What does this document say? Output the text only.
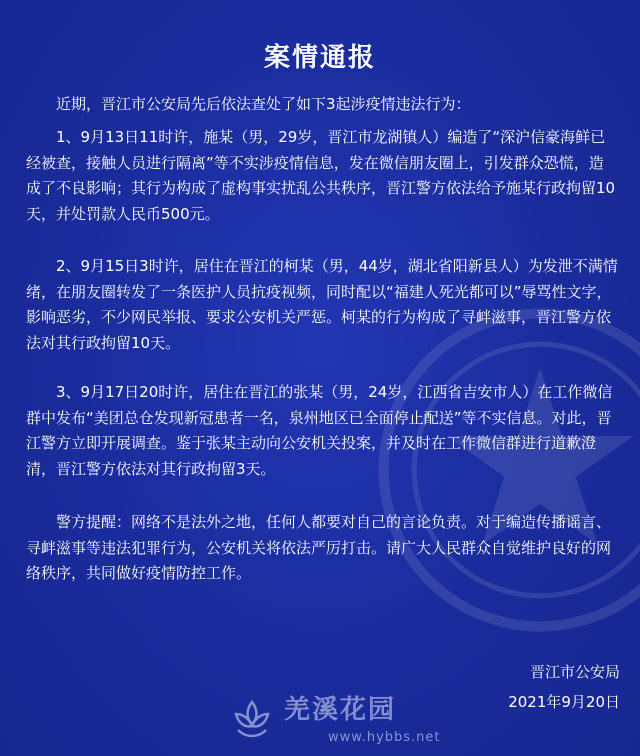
案情通报

近期，晋江市公安局先后依法查处了如下3起涉疫情违法行为：

1、9月13日11时许，施某（男，29岁，晋江市龙湖镇人）编造了“深沪信豪海鲜已经被查，接触人员进行隔离”等不实涉疫情信息，发在微信朋友圈上，引发群众恐慌，造成了不良影响；其行为构成了虚构事实扰乱公共秩序，晋江警方依法给予施某行政拘留10天，并处罚款人民币500元。

2、9月15日3时许，居住在晋江的柯某（男，44岁，湖北省阳新县人）为发泄不满情绪，在朋友圈转发了一条医护人员抗疫视频，同时配以“福建人死光都可以”辱骂性文字，影响恶劣，不少网民举报、要求公安机关严惩。柯某的行为构成了寻衅滋事，晋江警方依法对其行政拘留10天。

3、9月17日20时许，居住在晋江的张某（男，24岁，江西省吉安市人）在工作微信群中发布“美团总仓发现新冠患者一名，泉州地区已全面停止配送”等不实信息。对此，晋江警方立即开展调查。鉴于张某主动向公安机关投案，并及时在工作微信群进行道歉澄清，晋江警方依法对其行政拘留3天。

警方提醒：网络不是法外之地，任何人都要对自己的言论负责。对于编造传播谣言、寻衅滋事等违法犯罪行为，公安机关将依法严厉打击。请广大人民群众自觉维护良好的网络秩序，共同做好疫情防控工作。

晋江市公安局
2021年9月20日
羌溪花园
www.hybbs.net
